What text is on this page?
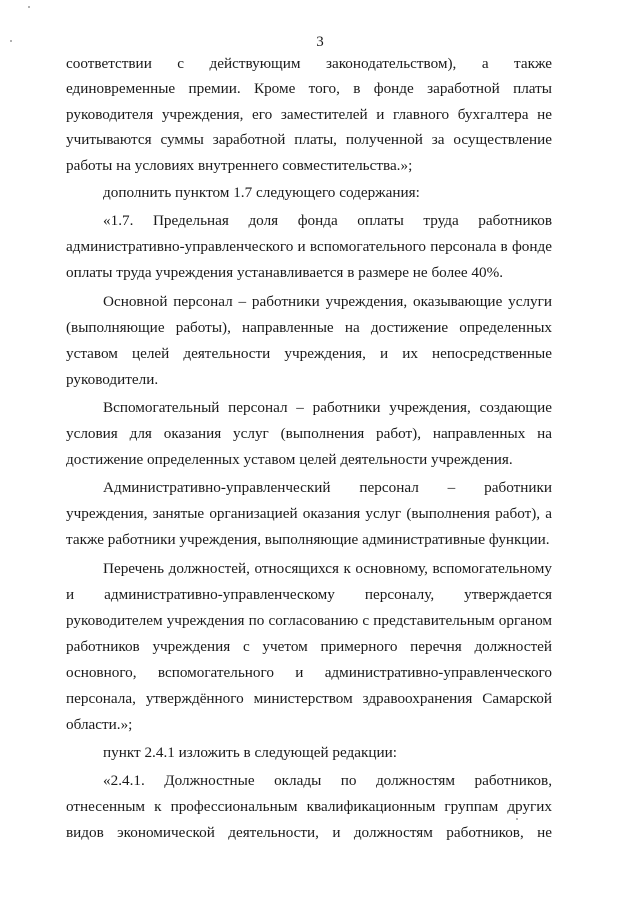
3
соответствии с действующим законодательством), а также
единовременные премии. Кроме того, в фонде заработной платы
руководителя учреждения, его заместителей и главного бухгалтера не
учитываются суммы заработной платы, полученной за осуществление
работы на условиях внутреннего совместительства.»;
дополнить пунктом 1.7 следующего содержания:
«1.7. Предельная доля фонда оплаты труда работников
административно-управленческого и вспомогательного персонала в фонде
оплаты труда учреждения устанавливается в размере не более 40%.
Основной персонал – работники учреждения, оказывающие услуги
(выполняющие работы), направленные на достижение определенных
уставом целей деятельности учреждения, и их непосредственные
руководители.
Вспомогательный персонал – работники учреждения, создающие
условия для оказания услуг (выполнения работ), направленных на
достижение определенных уставом целей деятельности учреждения.
Административно-управленческий персонал – работники
учреждения, занятые организацией оказания услуг (выполнения работ), а
также работники учреждения, выполняющие административные функции.
Перечень должностей, относящихся к основному, вспомогательному
и административно-управленческому персоналу, утверждается
руководителем учреждения по согласованию с представительным органом
работников учреждения с учетом примерного перечня должностей
основного, вспомогательного и административно-управленческого
персонала, утверждённого министерством здравоохранения Самарской
области.»;
пункт 2.4.1 изложить в следующей редакции:
«2.4.1. Должностные оклады по должностям работников,
отнесенным к профессиональным квалификационным группам других
видов экономической деятельности, и должностям работников, не
